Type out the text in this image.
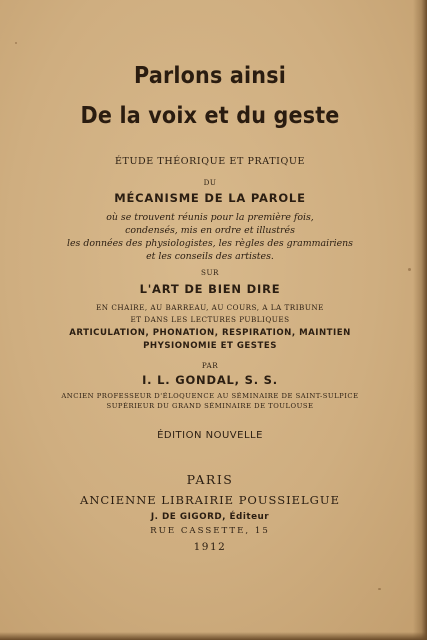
Parlons ainsi
De la voix et du geste
ÉTUDE THÉORIQUE ET PRATIQUE
DU
MÉCANISME DE LA PAROLE
où se trouvent réunis pour la première fois,
condensés, mis en ordre et illustrés
les données des physiologistes, les règles des grammairiens
et les conseils des artistes.
SUR
L'ART DE BIEN DIRE
EN CHAIRE, AU BARREAU, AU COURS, A LA TRIBUNE
ET DANS LES LECTURES PUBLIQUES
ARTICULATION, PHONATION, RESPIRATION, MAINTIEN
PHYSIONOMIE ET GESTES
PAR
I. L. GONDAL, S. S.
ANCIEN PROFESSEUR D'ÉLOQUENCE AU SÉMINAIRE DE SAINT-SULPICE
SUPÉRIEUR DU GRAND SÉMINAIRE DE TOULOUSE
ÉDITION NOUVELLE
PARIS
ANCIENNE LIBRAIRIE POUSSIELGUE
J. DE GIGORD, Éditeur
RUE CASSETTE, 15
1912
